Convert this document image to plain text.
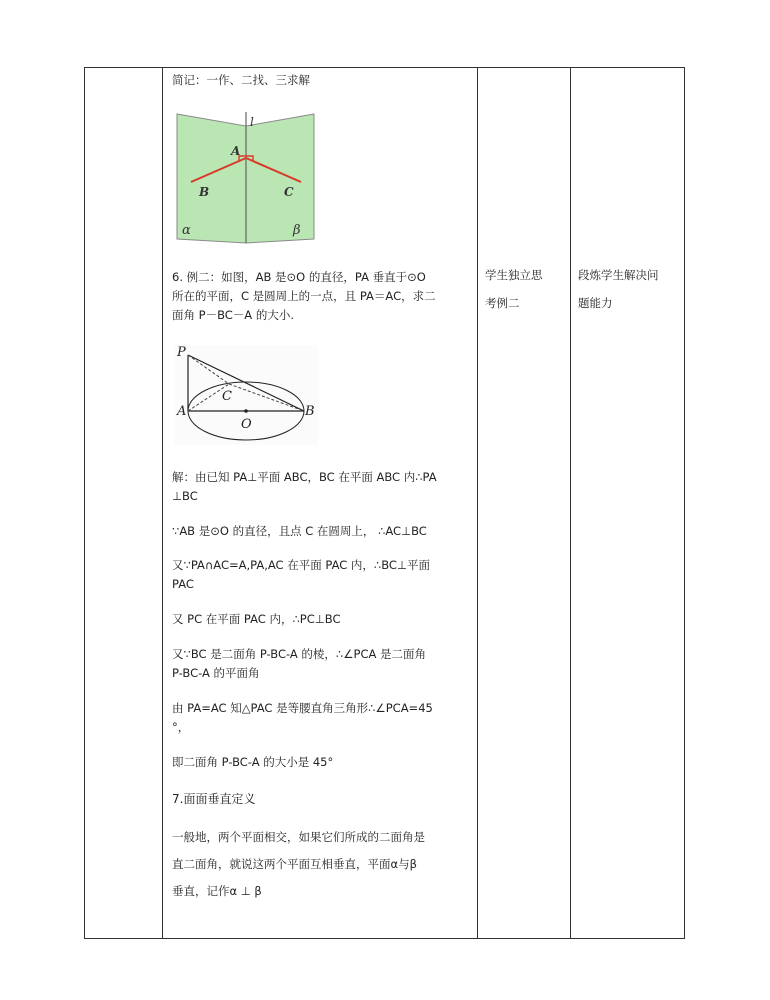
简记：一作、二找、三求解
l
A
B	C
α	β
6. 例二：如图，AB 是⊙O 的直径，PA 垂直于⊙O
所在的平面，C 是圆周上的一点，且 PA＝AC，求二
面角 P－BC－A 的大小.
P
A	B
C
O
解：由已知 PA⊥平面 ABC，BC 在平面 ABC 内∴PA
⊥BC
∵AB 是⊙O 的直径，且点 C 在圆周上， ∴AC⊥BC
又∵PA∩AC=A,PA,AC 在平面 PAC 内，∴BC⊥平面
PAC
又 PC 在平面 PAC 内，∴PC⊥BC
又∵BC 是二面角 P-BC-A 的棱，∴∠PCA 是二面角
P-BC-A 的平面角
由 PA=AC 知△PAC 是等腰直角三角形∴∠PCA=45
°，
即二面角 P-BC-A 的大小是 45°
7.面面垂直定义
一般地，两个平面相交，如果它们所成的二面角是
直二面角，就说这两个平面互相垂直，平面α与β
垂直，记作α ⊥ β
学生独立思
考例二
段炼学生解决问
题能力
